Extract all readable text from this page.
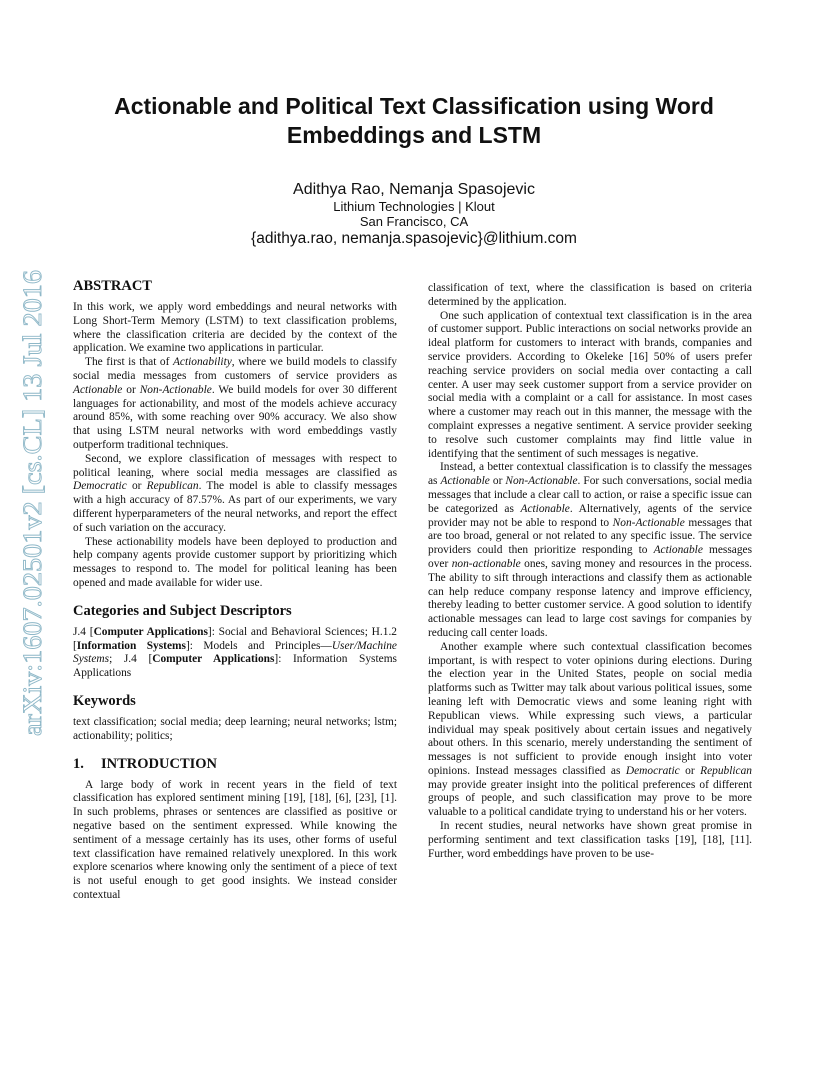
arXiv:1607.02501v2 [cs.CL] 13 Jul 2016
Actionable and Political Text Classification using Word
Embeddings and LSTM
Adithya Rao, Nemanja Spasojevic
Lithium Technologies | Klout
San Francisco, CA
{adithya.rao, nemanja.spasojevic}@lithium.com
ABSTRACT

In this work, we apply word embeddings and neural networks with Long Short-Term Memory (LSTM) to text classification problems, where the classification criteria are decided by the context of the application. We examine two applications in particular.

The first is that of Actionability, where we build models to classify social media messages from customers of service providers as Actionable or Non-Actionable. We build models for over 30 different languages for actionability, and most of the models achieve accuracy around 85%, with some reaching over 90% accuracy. We also show that using LSTM neural networks with word embeddings vastly outperform traditional techniques.

Second, we explore classification of messages with respect to political leaning, where social media messages are classified as Democratic or Republican. The model is able to classify messages with a high accuracy of 87.57%. As part of our experiments, we vary different hyperparameters of the neural networks, and report the effect of such variation on the accuracy.

These actionability models have been deployed to production and help company agents provide customer support by prioritizing which messages to respond to. The model for political leaning has been opened and made available for wider use.

Categories and Subject Descriptors

J.4 [Computer Applications]: Social and Behavioral Sciences; H.1.2 [Information Systems]: Models and Principles—User/Machine Systems; J.4 [Computer Applications]: Information Systems Applications

Keywords

text classification; social media; deep learning; neural networks; lstm; actionability; politics;

1. INTRODUCTION

A large body of work in recent years in the field of text classification has explored sentiment mining [19], [18], [6], [23], [1]. In such problems, phrases or sentences are classified as positive or negative based on the sentiment expressed. While knowing the sentiment of a message certainly has its uses, other forms of useful text classification have remained relatively unexplored. In this work explore scenarios where knowing only the sentiment of a piece of text is not useful enough to get good insights. We instead consider contextual

classification of text, where the classification is based on criteria determined by the application.

One such application of contextual text classification is in the area of customer support. Public interactions on social networks provide an ideal platform for customers to interact with brands, companies and service providers. According to Okeleke [16] 50% of users prefer reaching service providers on social media over contacting a call center. A user may seek customer support from a service provider on social media with a complaint or a call for assistance. In most cases where a customer may reach out in this manner, the message with the complaint expresses a negative sentiment. A service provider seeking to resolve such customer complaints may find little value in identifying that the sentiment of such messages is negative.

Instead, a better contextual classification is to classify the messages as Actionable or Non-Actionable. For such conversations, social media messages that include a clear call to action, or raise a specific issue can be categorized as Actionable. Alternatively, agents of the service provider may not be able to respond to Non-Actionable messages that are too broad, general or not related to any specific issue. The service providers could then prioritize responding to Actionable messages over non-actionable ones, saving money and resources in the process. The ability to sift through interactions and classify them as actionable can help reduce company response latency and improve efficiency, thereby leading to better customer service. A good solution to identify actionable messages can lead to large cost savings for companies by reducing call center loads.

Another example where such contextual classification becomes important, is with respect to voter opinions during elections. During the election year in the United States, people on social media platforms such as Twitter may talk about various political issues, some leaning left with Democratic views and some leaning right with Republican views. While expressing such views, a particular individual may speak positively about certain issues and negatively about others. In this scenario, merely understanding the sentiment of messages is not sufficient to provide enough insight into voter opinions. Instead messages classified as Democratic or Republican may provide greater insight into the political preferences of different groups of people, and such classification may prove to be more valuable to a political candidate trying to understand his or her voters.

In recent studies, neural networks have shown great promise in performing sentiment and text classification tasks [19], [18], [11]. Further, word embeddings have proven to be use-
